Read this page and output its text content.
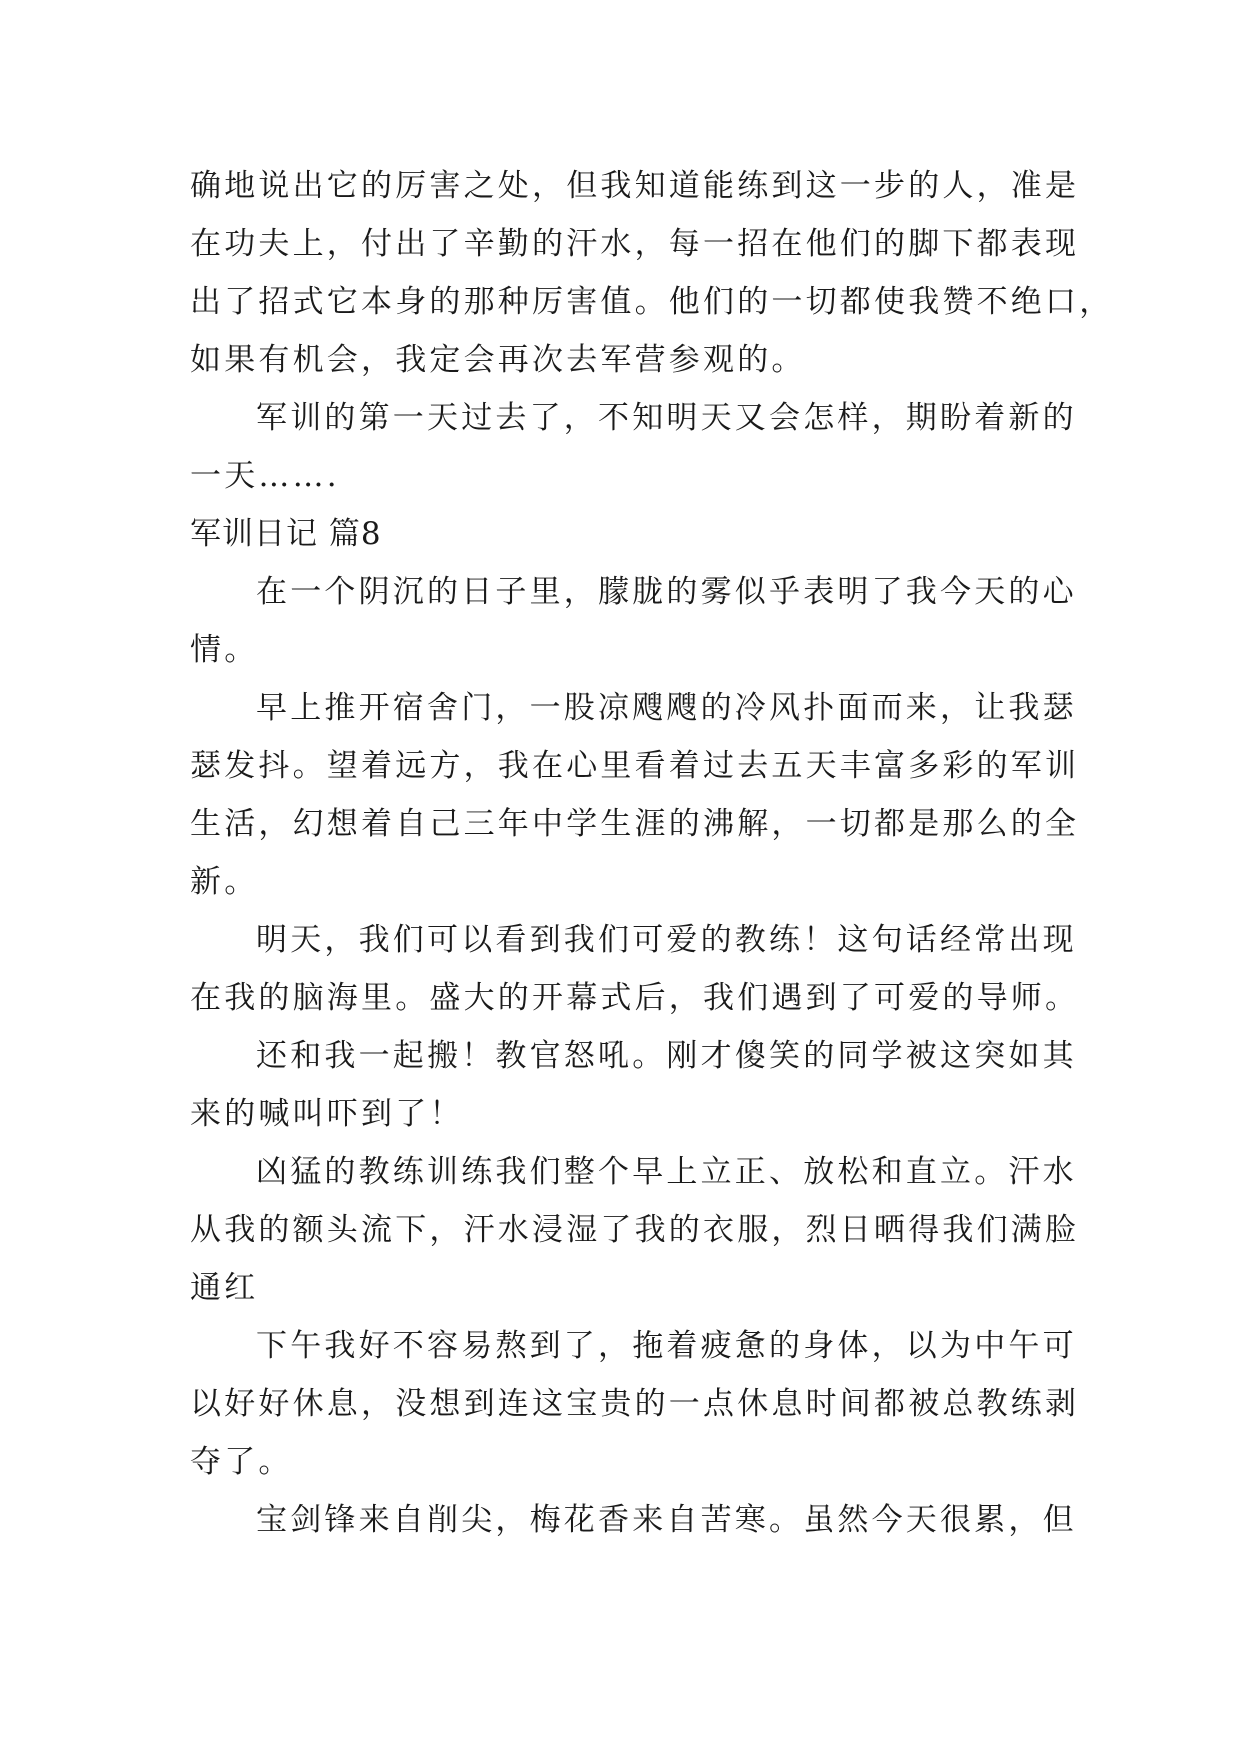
确地说出它的厉害之处，但我知道能练到这一步的人，准是
在功夫上，付出了辛勤的汗水，每一招在他们的脚下都表现
出了招式它本身的那种厉害值。他们的一切都使我赞不绝口，
如果有机会，我定会再次去军营参观的。
军训的第一天过去了，不知明天又会怎样，期盼着新的
一天…….
军训日记 篇8
在一个阴沉的日子里，朦胧的雾似乎表明了我今天的心
情。
早上推开宿舍门，一股凉飕飕的冷风扑面而来，让我瑟
瑟发抖。望着远方，我在心里看着过去五天丰富多彩的军训
生活，幻想着自己三年中学生涯的沸解，一切都是那么的全
新。
明天，我们可以看到我们可爱的教练！这句话经常出现
在我的脑海里。盛大的开幕式后，我们遇到了可爱的导师。
还和我一起搬！教官怒吼。刚才傻笑的同学被这突如其
来的喊叫吓到了！
凶猛的教练训练我们整个早上立正、放松和直立。汗水
从我的额头流下，汗水浸湿了我的衣服，烈日晒得我们满脸
通红
下午我好不容易熬到了，拖着疲惫的身体，以为中午可
以好好休息，没想到连这宝贵的一点休息时间都被总教练剥
夺了。
宝剑锋来自削尖，梅花香来自苦寒。虽然今天很累，但
